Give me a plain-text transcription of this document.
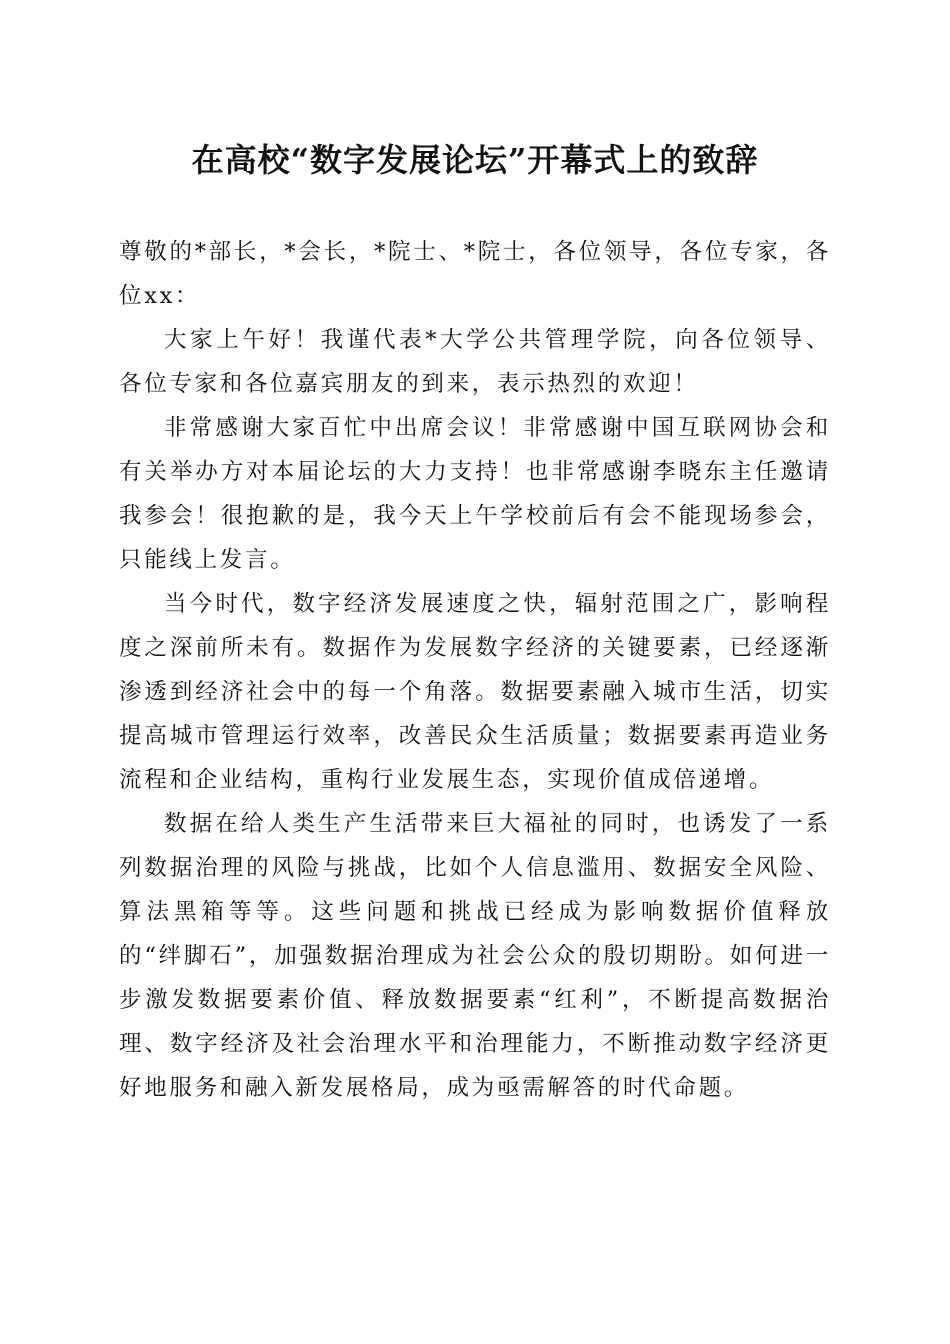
在高校“数字发展论坛”开幕式上的致辞

尊敬的*部长，*会长，*院士、*院士，各位领导，各位专家，各位xx：

大家上午好！我谨代表*大学公共管理学院，向各位领导、各位专家和各位嘉宾朋友的到来，表示热烈的欢迎！

非常感谢大家百忙中出席会议！非常感谢中国互联网协会和有关举办方对本届论坛的大力支持！也非常感谢李晓东主任邀请我参会！很抱歉的是，我今天上午学校前后有会不能现场参会，只能线上发言。

当今时代，数字经济发展速度之快，辐射范围之广，影响程度之深前所未有。数据作为发展数字经济的关键要素，已经逐渐渗透到经济社会中的每一个角落。数据要素融入城市生活，切实提高城市管理运行效率，改善民众生活质量；数据要素再造业务流程和企业结构，重构行业发展生态，实现价值成倍递增。

数据在给人类生产生活带来巨大福祉的同时，也诱发了一系列数据治理的风险与挑战，比如个人信息滥用、数据安全风险、算法黑箱等等。这些问题和挑战已经成为影响数据价值释放的“绊脚石”，加强数据治理成为社会公众的殷切期盼。如何进一步激发数据要素价值、释放数据要素“红利”，不断提高数据治理、数字经济及社会治理水平和治理能力，不断推动数字经济更好地服务和融入新发展格局，成为亟需解答的时代命题。
